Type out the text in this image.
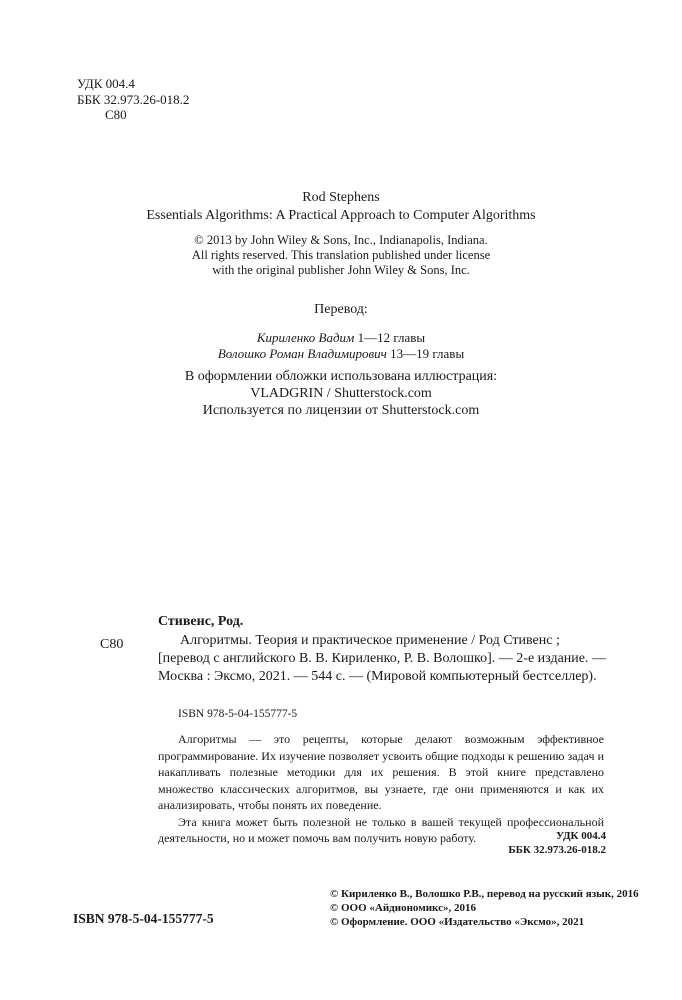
УДК 004.4
ББК 32.973.26-018.2
С80
Rod Stephens
Essentials Algorithms: A Practical Approach to Computer Algorithms
© 2013 by John Wiley & Sons, Inc., Indianapolis, Indiana.
All rights reserved. This translation published under license
with the original publisher John Wiley & Sons, Inc.
Перевод:
Кириленко Вадим 1—12 главы
Волошко Роман Владимирович 13—19 главы
В оформлении обложки использована иллюстрация:
VLADGRIN / Shutterstock.com
Используется по лицензии от Shutterstock.com
Стивенс, Род.
С80	Алгоритмы. Теория и практическое применение / Род Стивенс ;
[перевод с английского В. В. Кириленко, Р. В. Волошко]. — 2-е издание. — Москва : Эксмо, 2021. — 544 с. — (Мировой компьютерный бестселлер).
ISBN 978-5-04-155777-5

Алгоритмы — это рецепты, которые делают возможным эффективное программирование. Их изучение позволяет усвоить общие подходы к решению задач и накапливать полезные методики для их решения. В этой книге представлено множество классических алгоритмов, вы узнаете, где они применяются и как их анализировать, чтобы понять их поведение.

Эта книга может быть полезной не только в вашей текущей профессиональной деятельности, но и может помочь вам получить новую работу.	УДК 004.4
ББК 32.973.26-018.2
© Кириленко В., Волошко Р.В., перевод на русский язык, 2016
© ООО «Айдиономикс», 2016
© Оформление. ООО «Издательство «Эксмо», 2021
ISBN 978-5-04-155777-5
